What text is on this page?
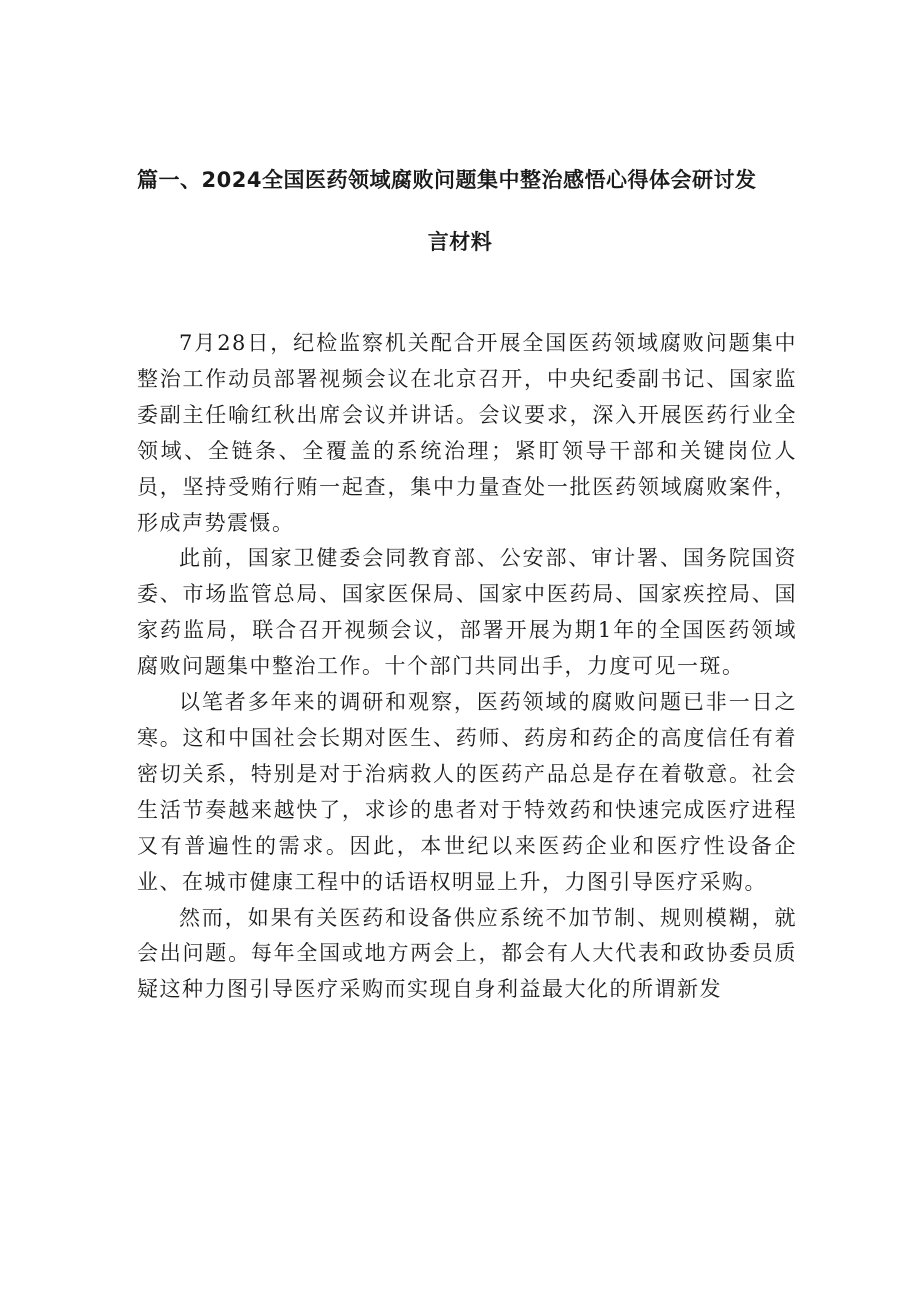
篇一、2024全国医药领域腐败问题集中整治感悟心得体会研讨发
言材料

7月28日，纪检监察机关配合开展全国医药领域腐败问题集中整治工作动员部署视频会议在北京召开，中央纪委副书记、国家监委副主任喻红秋出席会议并讲话。会议要求，深入开展医药行业全领域、全链条、全覆盖的系统治理；紧盯领导干部和关键岗位人员，坚持受贿行贿一起查，集中力量查处一批医药领域腐败案件，形成声势震慑。

此前，国家卫健委会同教育部、公安部、审计署、国务院国资委、市场监管总局、国家医保局、国家中医药局、国家疾控局、国家药监局，联合召开视频会议，部署开展为期1年的全国医药领域腐败问题集中整治工作。十个部门共同出手，力度可见一斑。

以笔者多年来的调研和观察，医药领域的腐败问题已非一日之寒。这和中国社会长期对医生、药师、药房和药企的高度信任有着密切关系，特别是对于治病救人的医药产品总是存在着敬意。社会生活节奏越来越快了，求诊的患者对于特效药和快速完成医疗进程又有普遍性的需求。因此，本世纪以来医药企业和医疗性设备企业、在城市健康工程中的话语权明显上升，力图引导医疗采购。

然而，如果有关医药和设备供应系统不加节制、规则模糊，就会出问题。每年全国或地方两会上，都会有人大代表和政协委员质疑这种力图引导医疗采购而实现自身利益最大化的所谓新发
